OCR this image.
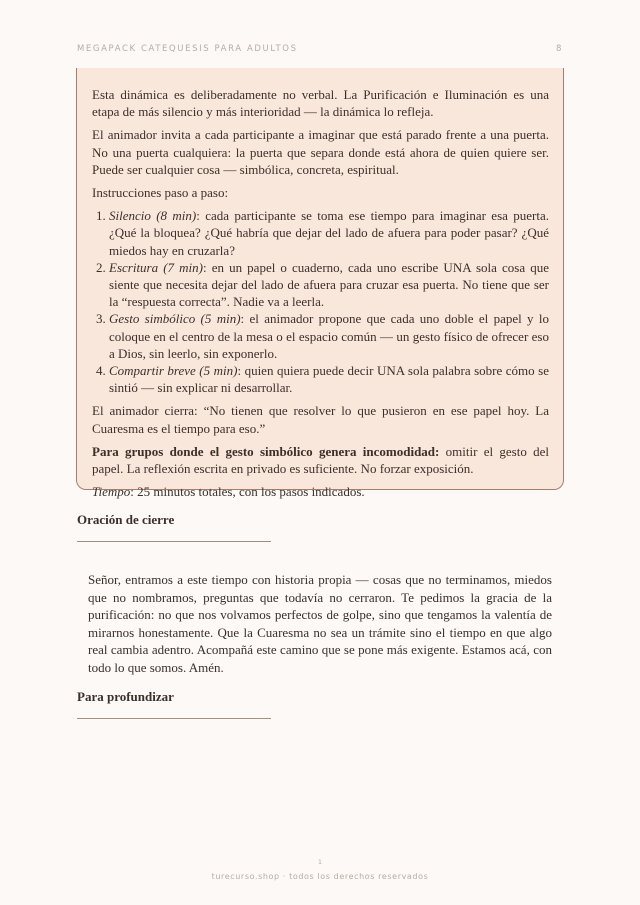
MEGAPACK CATEQUESIS PARA ADULTOS	8

Esta dinámica es deliberadamente no verbal. La Purificación e Iluminación es una etapa de más silencio y más interioridad — la dinámica lo refleja.

El animador invita a cada participante a imaginar que está parado frente a una puerta. No una puerta cualquiera: la puerta que separa donde está ahora de quien quiere ser. Puede ser cualquier cosa — simbólica, concreta, espiritual.

Instrucciones paso a paso:

1. Silencio (8 min): cada participante se toma ese tiempo para imaginar esa puerta. ¿Qué la bloquea? ¿Qué habría que dejar del lado de afuera para poder pasar? ¿Qué miedos hay en cruzarla?
2. Escritura (7 min): en un papel o cuaderno, cada uno escribe UNA sola cosa que siente que necesita dejar del lado de afuera para cruzar esa puerta. No tiene que ser la “respuesta correcta”. Nadie va a leerla.
3. Gesto simbólico (5 min): el animador propone que cada uno doble el papel y lo coloque en el centro de la mesa o el espacio común — un gesto físico de ofrecer eso a Dios, sin leerlo, sin exponerlo.
4. Compartir breve (5 min): quien quiera puede decir UNA sola palabra sobre cómo se sintió — sin explicar ni desarrollar.

El animador cierra: “No tienen que resolver lo que pusieron en ese papel hoy. La Cuaresma es el tiempo para eso.”

Para grupos donde el gesto simbólico genera incomodidad: omitir el gesto del papel. La reflexión escrita en privado es suficiente. No forzar exposición.

Tiempo: 25 minutos totales, con los pasos indicados.

Oración de cierre

Señor, entramos a este tiempo con historia propia — cosas que no terminamos, miedos que no nombramos, preguntas que todavía no cerraron. Te pedimos la gracia de la purificación: no que nos volvamos perfectos de golpe, sino que tengamos la valentía de mirarnos honestamente. Que la Cuaresma no sea un trámite sino el tiempo en que algo real cambia adentro. Acompañá este camino que se pone más exigente. Estamos acá, con todo lo que somos. Amén.

Para profundizar
1
turecurso.shop · todos los derechos reservados
